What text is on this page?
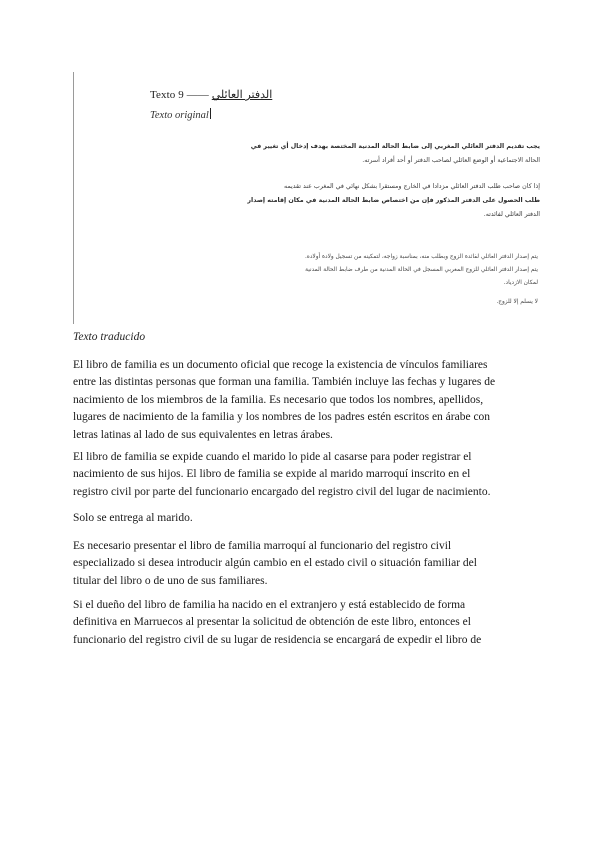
Texto 9 —— الدفتر العائلي
Texto original
يجب تقديم الدفتر العائلي المغربي إلى ضابط الحالة المدنية المختصة بهدف إدخال أي تغيير في
الحالة الاجتماعية أو الوضع العائلي لصاحب الدفتر أو أحد أفراد أسرته.
إذا كان صاحب طلب الدفتر العائلي مزدادا في الخارج ومستقرا بشكل نهائي في المغرب عند تقديمه
طلب الحصول على الدفتر المذكور فإن من اختصاص ضابط الحالة المدنية في مكان إقامته إصدار
الدفتر العائلي لفائدته.
يتم إصدار الدفتر العائلي لفائدة الزوج وبطلب منه، بمناسبة زواجه، لتمكينه من تسجيل ولادة أولاده.
يتم إصدار الدفتر العائلي للزوج المغربي المسجل في الحالة المدنية من طرف ضابط الحالة المدنية
لمكان الازدياد.
لا يسلم إلا للزوج.
Texto traducido
El libro de familia es un documento oficial que recoge la existencia de vínculos familiares
entre las distintas personas que forman una familia. También incluye las fechas y lugares de
nacimiento de los miembros de la familia. Es necesario que todos los nombres, apellidos,
lugares de nacimiento de la familia y los nombres de los padres estén escritos en árabe con
letras latinas al lado de sus equivalentes en letras árabes.
El libro de familia se expide cuando el marido lo pide al casarse para poder registrar el
nacimiento de sus hijos. El libro de familia se expide al marido marroquí inscrito en el
registro civil por parte del funcionario encargado del registro civil del lugar de nacimiento.
Solo se entrega al marido.
Es necesario presentar el libro de familia marroquí al funcionario del registro civil
especializado si desea introducir algún cambio en el estado civil o situación familiar del
titular del libro o de uno de sus familiares.
Si el dueño del libro de familia ha nacido en el extranjero y está establecido de forma
definitiva en Marruecos al presentar la solicitud de obtención de este libro, entonces el
funcionario del registro civil de su lugar de residencia se encargará de expedir el libro de
